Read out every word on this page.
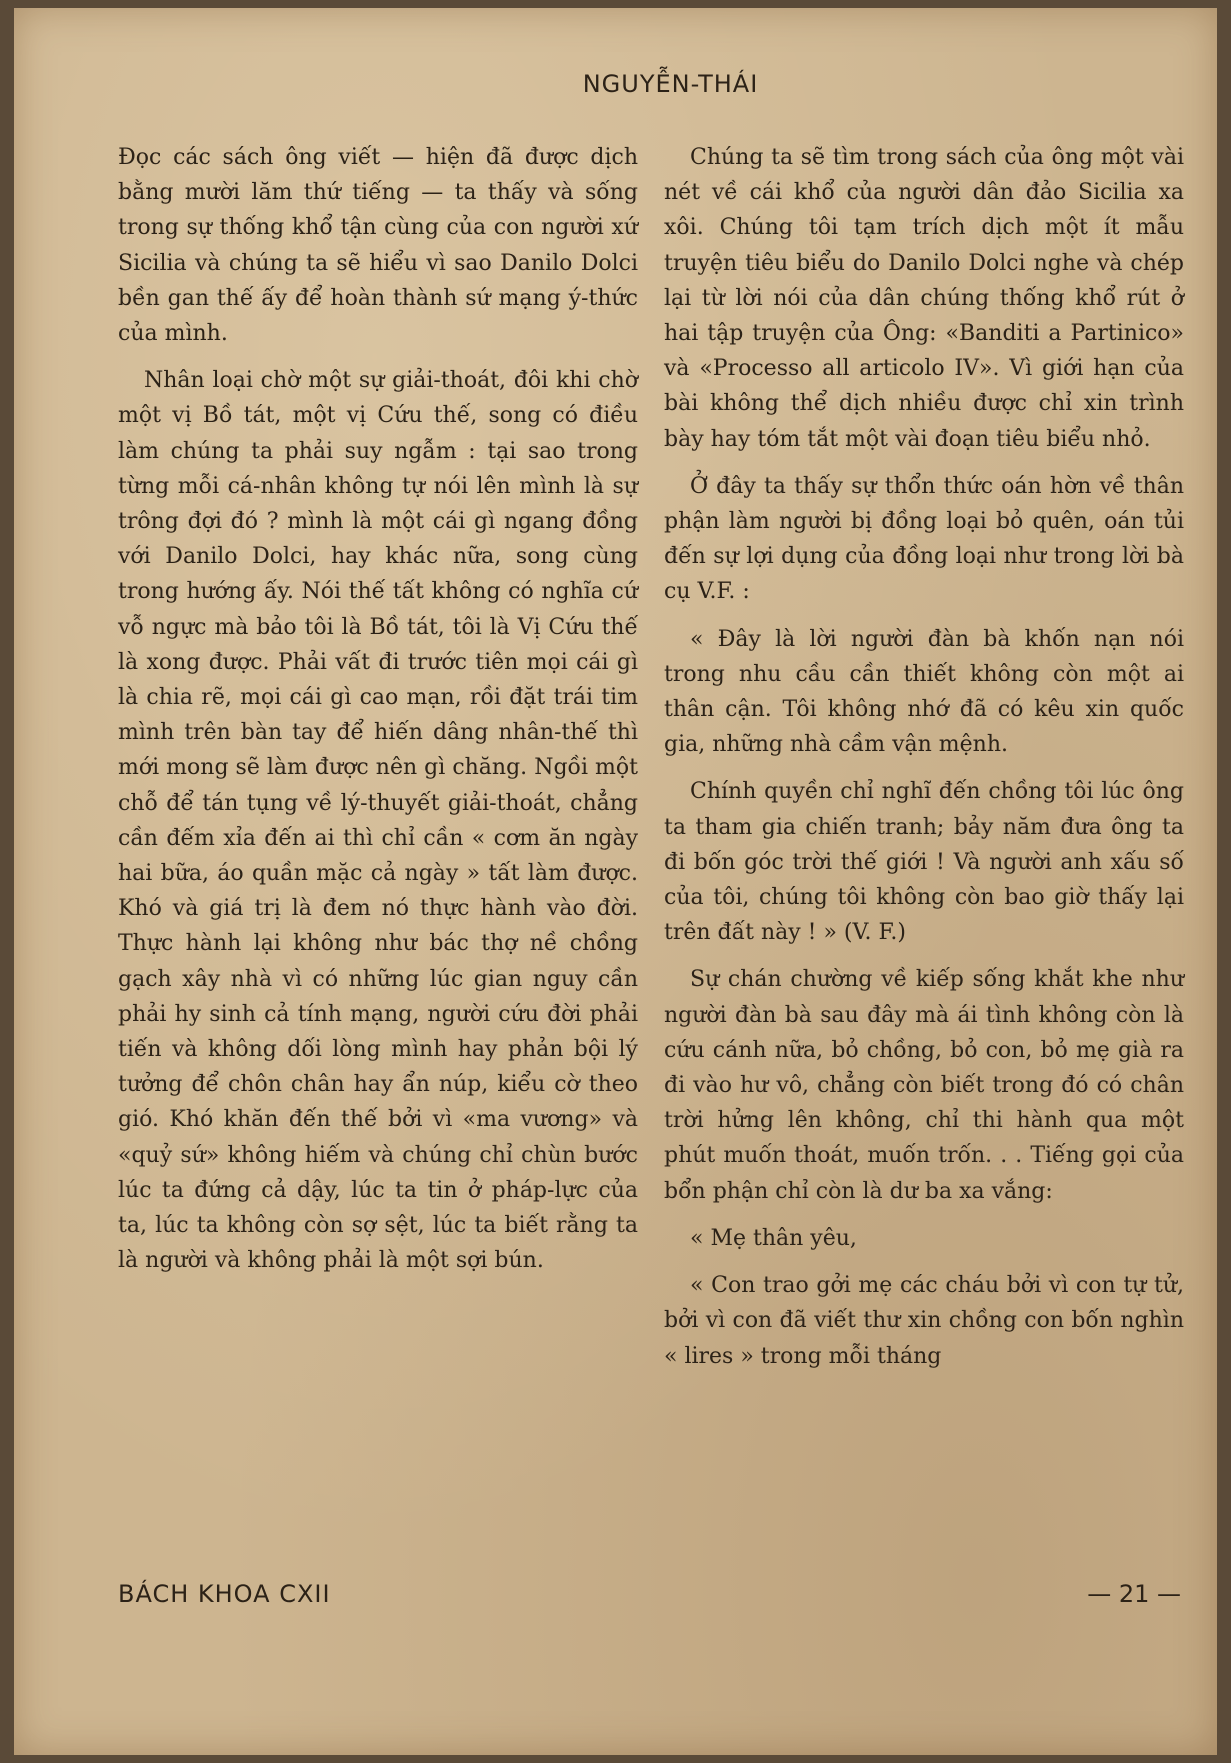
NGUYỄN-THÁI

Đọc các sách ông viết — hiện đã được dịch bằng mười lăm thứ tiếng — ta thấy và sống trong sự thống khổ tận cùng của con người xứ Sicilia và chúng ta sẽ hiểu vì sao Danilo Dolci bền gan thế ấy để hoàn thành sứ mạng ý-thức của mình.

Nhân loại chờ một sự giải-thoát, đôi khi chờ một vị Bồ tát, một vị Cứu thế, song có điều làm chúng ta phải suy ngẫm : tại sao trong từng mỗi cá-nhân không tự nói lên mình là sự trông đợi đó ? mình là một cái gì ngang đồng với Danilo Dolci, hay khác nữa, song cùng trong hướng ấy. Nói thế tất không có nghĩa cứ vỗ ngực mà bảo tôi là Bồ tát, tôi là Vị Cứu thế là xong được. Phải vất đi trước tiên mọi cái gì là chia rẽ, mọi cái gì cao mạn, rồi đặt trái tim mình trên bàn tay để hiến dâng nhân-thế thì mới mong sẽ làm được nên gì chăng. Ngồi một chỗ để tán tụng về lý-thuyết giải-thoát, chẳng cần đếm xỉa đến ai thì chỉ cần « cơm ăn ngày hai bữa, áo quần mặc cả ngày » tất làm được. Khó và giá trị là đem nó thực hành vào đời. Thực hành lại không như bác thợ nề chồng gạch xây nhà vì có những lúc gian nguy cần phải hy sinh cả tính mạng, người cứu đời phải tiến và không dối lòng mình hay phản bội lý tưởng để chôn chân hay ẩn núp, kiểu cờ theo gió. Khó khăn đến thế bởi vì «ma vương» và «quỷ sứ» không hiếm và chúng chỉ chùn bước lúc ta đứng cả dậy, lúc ta tin ở pháp-lực của ta, lúc ta không còn sợ sệt, lúc ta biết rằng ta là người và không phải là một sợi bún.

Chúng ta sẽ tìm trong sách của ông một vài nét về cái khổ của người dân đảo Sicilia xa xôi. Chúng tôi tạm trích dịch một ít mẫu truyện tiêu biểu do Danilo Dolci nghe và chép lại từ lời nói của dân chúng thống khổ rút ở hai tập truyện của Ông: «Banditi a Partinico» và «Processo all articolo IV». Vì giới hạn của bài không thể dịch nhiều được chỉ xin trình bày hay tóm tắt một vài đoạn tiêu biểu nhỏ.

Ở đây ta thấy sự thổn thức oán hờn về thân phận làm người bị đồng loại bỏ quên, oán tủi đến sự lợi dụng của đồng loại như trong lời bà cụ V.F. :

« Đây là lời người đàn bà khốn nạn nói trong nhu cầu cần thiết không còn một ai thân cận. Tôi không nhớ đã có kêu xin quốc gia, những nhà cầm vận mệnh.

Chính quyền chỉ nghĩ đến chồng tôi lúc ông ta tham gia chiến tranh; bảy năm đưa ông ta đi bốn góc trời thế giới ! Và người anh xấu số của tôi, chúng tôi không còn bao giờ thấy lại trên đất này ! » (V. F.)

Sự chán chường về kiếp sống khắt khe như người đàn bà sau đây mà ái tình không còn là cứu cánh nữa, bỏ chồng, bỏ con, bỏ mẹ già ra đi vào hư vô, chẳng còn biết trong đó có chân trời hửng lên không, chỉ thi hành qua một phút muốn thoát, muốn trốn. . . Tiếng gọi của bổn phận chỉ còn là dư ba xa vắng:

« Mẹ thân yêu,

« Con trao gởi mẹ các cháu bởi vì con tự tử, bởi vì con đã viết thư xin chồng con bốn nghìn « lires » trong mỗi tháng

BÁCH KHOA CXII	— 21 —
